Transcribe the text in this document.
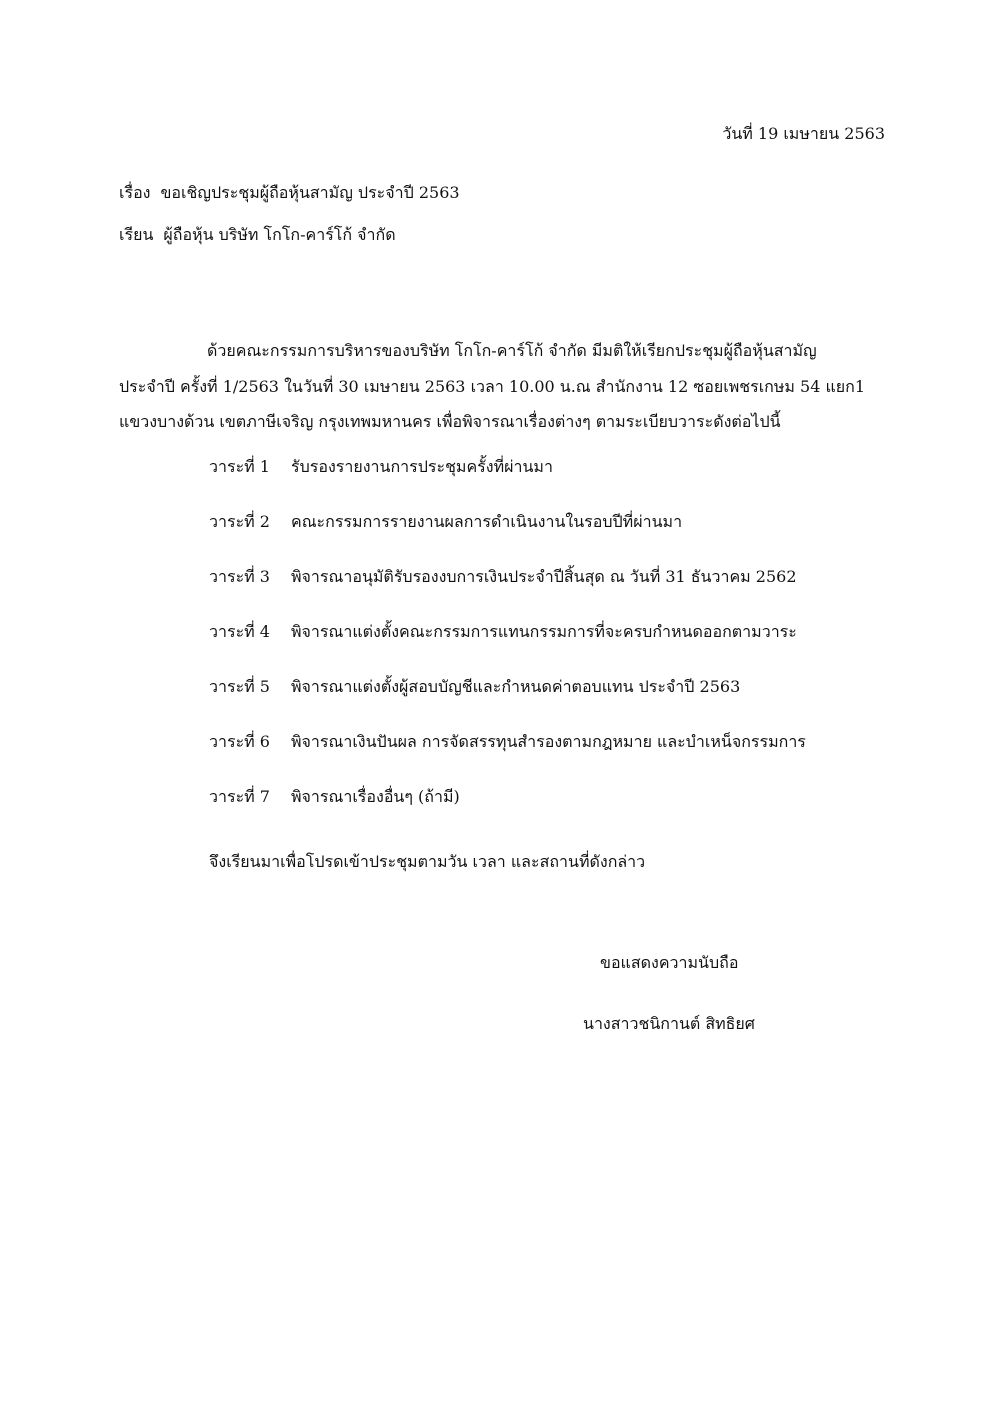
วันที่ 19 เมษายน 2563
เรื่อง ขอเชิญประชุมผู้ถือหุ้นสามัญ ประจำปี 2563
เรียน ผู้ถือหุ้น บริษัท โกโก-คาร์โก้ จำกัด
ด้วยคณะกรรมการบริหารของบริษัท โกโก-คาร์โก้ จำกัด มีมติให้เรียกประชุมผู้ถือหุ้นสามัญ
ประจำปี ครั้งที่ 1/2563 ในวันที่ 30 เมษายน 2563 เวลา 10.00 น.ณ สำนักงาน 12 ซอยเพชรเกษม 54 แยก1
แขวงบางด้วน เขตภาษีเจริญ กรุงเทพมหานคร เพื่อพิจารณาเรื่องต่างๆ ตามระเบียบวาระดังต่อไปนี้
วาระที่ 1 รับรองรายงานการประชุมครั้งที่ผ่านมา
วาระที่ 2 คณะกรรมการรายงานผลการดำเนินงานในรอบปีที่ผ่านมา
วาระที่ 3 พิจารณาอนุมัติรับรองงบการเงินประจำปีสิ้นสุด ณ วันที่ 31 ธันวาคม 2562
วาระที่ 4 พิจารณาแต่งตั้งคณะกรรมการแทนกรรมการที่จะครบกำหนดออกตามวาระ
วาระที่ 5 พิจารณาแต่งตั้งผู้สอบบัญชีและกำหนดค่าตอบแทน ประจำปี 2563
วาระที่ 6 พิจารณาเงินปันผล การจัดสรรทุนสำรองตามกฎหมาย และบำเหน็จกรรมการ
วาระที่ 7 พิจารณาเรื่องอื่นๆ (ถ้ามี)
จึงเรียนมาเพื่อโปรดเข้าประชุมตามวัน เวลา และสถานที่ดังกล่าว
ขอแสดงความนับถือ
นางสาวชนิกานต์ สิทธิยศ
